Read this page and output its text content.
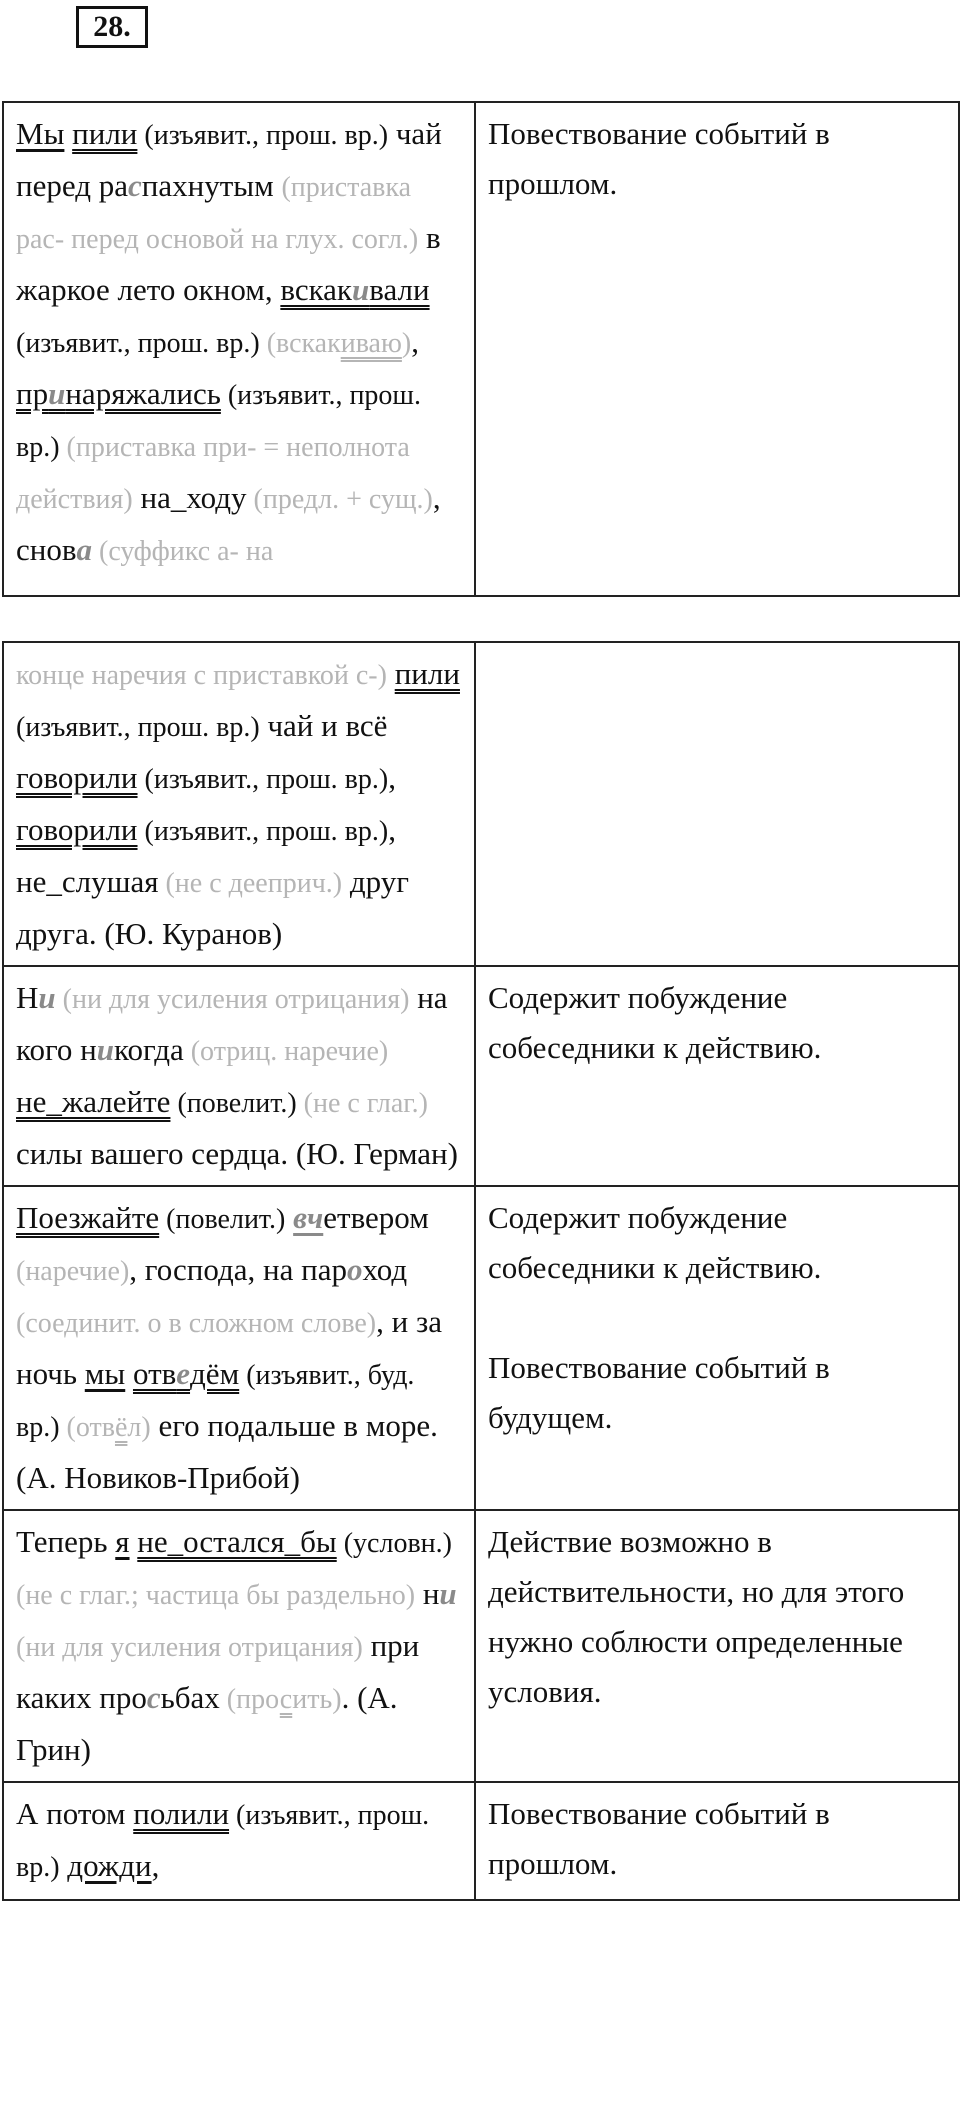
28.
Мы пили (изъявит., прош. вр.) чай перед распахнутым (приставка рас- перед основой на глух. согл.) в жаркое лето окном, вскакивали (изъявит., прош. вр.) (вскакиваю), принаряжались (изъявит., прош. вр.) (приставка при- = неполнота действия) на_ходу (предл. + сущ.), снова (суффикс а- на	Повествование событий в прошлом.
конце наречия с приставкой с-) пили (изъявит., прош. вр.) чай и всё говорили (изъявит., прош. вр.), говорили (изъявит., прош. вр.), не_слушая (не с дееприч.) друг друга. (Ю. Куранов)	
Ни (ни для усиления отрицания) на кого никогда (отриц. наречие) не_жалейте (повелит.) (не с глаг.) силы вашего сердца. (Ю. Герман)	Содержит побуждение собеседники к действию.
Поезжайте (повелит.) вчетвером (наречие), господа, на пароход (соединит. о в сложном слове), и за ночь мы отведём (изъявит., буд. вр.) (отвёл) его подальше в море. (А. Новиков-Прибой)	Содержит побуждение собеседники к действию.
Повествование событий в будущем.
Теперь я не_остался_бы (условн.) (не с глаг.; частица бы раздельно) ни (ни для усиления отрицания) при каких просьбах (просить). (А. Грин)	Действие возможно в действительности, но для этого нужно соблюсти определенные условия.
А потом полили (изъявит., прош. вр.) дожди,	Повествование событий в прошлом.
